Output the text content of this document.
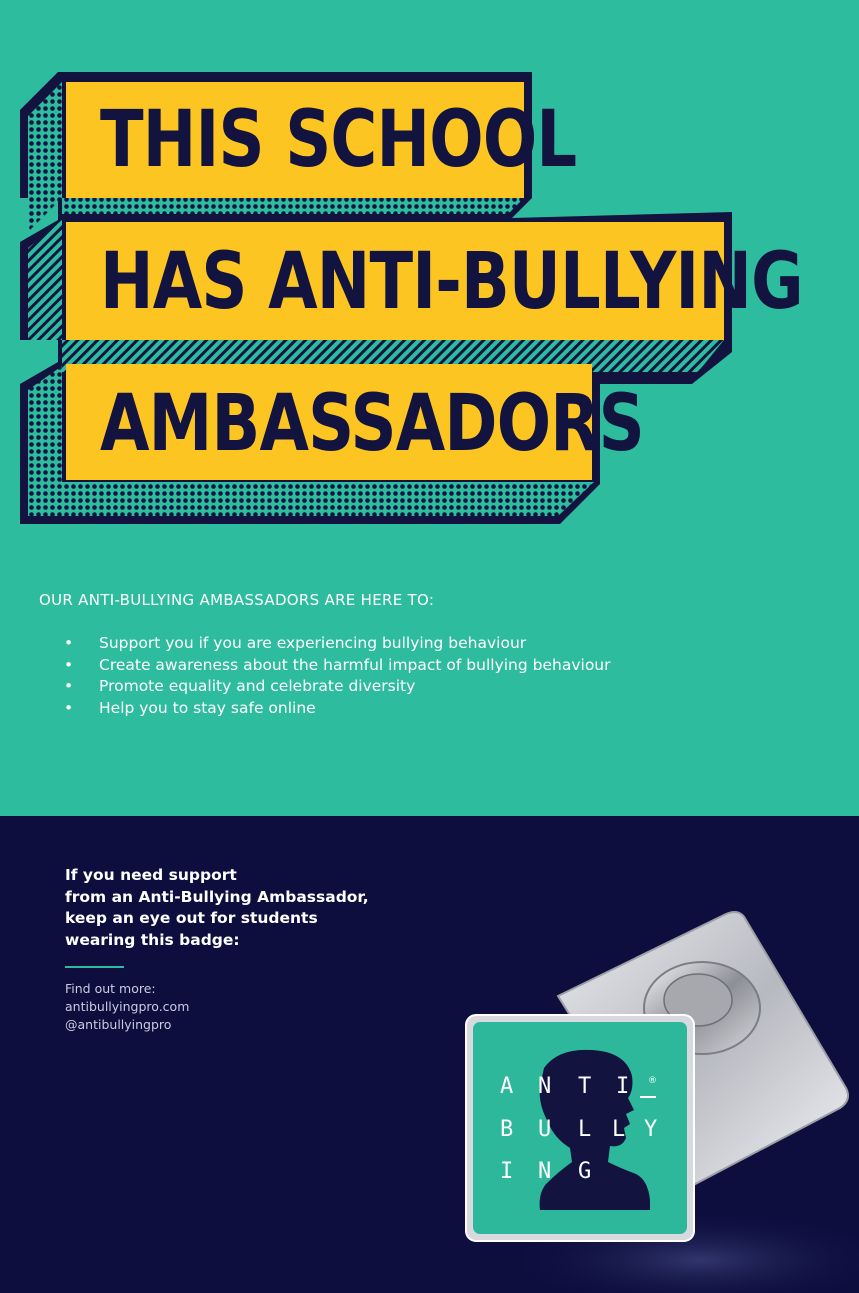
THIS SCHOOL
HAS ANTI-BULLYING
AMBASSADORS
OUR ANTI-BULLYING AMBASSADORS ARE HERE TO:
• Support you if you are experiencing bullying behaviour
• Create awareness about the harmful impact of bullying behaviour
• Promote equality and celebrate diversity
• Help you to stay safe online
If you need support
from an Anti-Bullying Ambassador,
keep an eye out for students
wearing this badge:
Find out more:
antibullyingpro.com
@antibullyingpro
A N T I
B U L L Y
I N G
®
